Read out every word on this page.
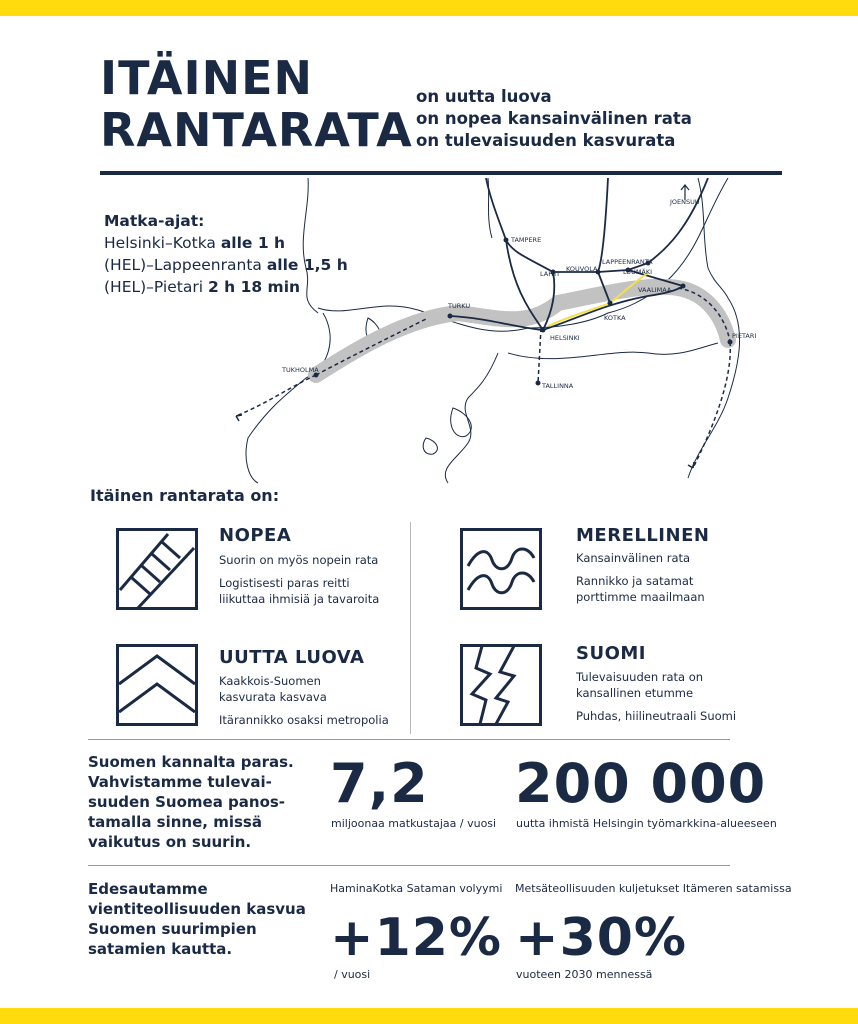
ITÄINEN
RANTARATA
on uutta luova
on nopea kansainvälinen rata
on tulevaisuuden kasvurata
JOENSUU
TAMPERE
LAPPEENRANTA
KOUVOLA
LAHTI	LUUMÄKI
VAALIMAA
TURKU
HELSINKI
KOTKA
PIETARI
TUKHOLMA
TALLINNA
Matka-ajat:
Helsinki–Kotka alle 1 h
(HEL)–Lappeenranta alle 1,5 h
(HEL)–Pietari 2 h 18 min
Itäinen rantarata on:
NOPEA
Suorin on myös nopein rata
Logistisesti paras reitti
liikuttaa ihmisiä ja tavaroita
MERELLINEN
Kansainvälinen rata
Rannikko ja satamat
porttimme maailmaan
UUTTA LUOVA
Kaakkois-Suomen
kasvurata kasvava
Itärannikko osaksi metropolia
SUOMI
Tulevaisuuden rata on
kansallinen etumme
Puhdas, hiilineutraali Suomi
Suomen kannalta paras.
Vahvistamme tulevai-
suuden Suomea panos-
tamalla sinne, missä
vaikutus on suurin.
7,2
miljoonaa matkustajaa / vuosi
200 000
uutta ihmistä Helsingin työmarkkina-alueeseen
Edesautamme
vientiteollisuuden kasvua
Suomen suurimpien
satamien kautta.
HaminaKotka Sataman volyymi
+12%
/ vuosi
Metsäteollisuuden kuljetukset Itämeren satamissa
+30%
vuoteen 2030 mennessä
